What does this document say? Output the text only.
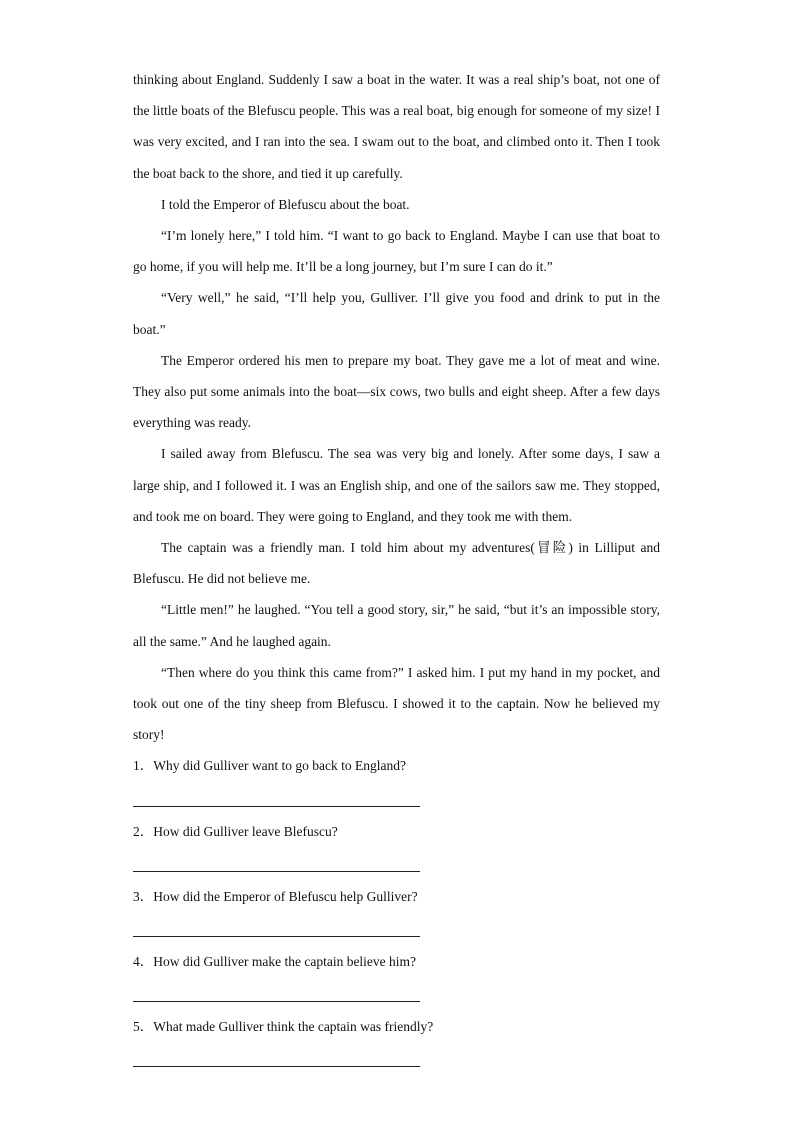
thinking about England. Suddenly I saw a boat in the water. It was a real ship’s boat, not one of the little boats of the Blefuscu people. This was a real boat, big enough for someone of my size! I was very excited, and I ran into the sea. I swam out to the boat, and climbed onto it. Then I took the boat back to the shore, and tied it up carefully.

I told the Emperor of Blefuscu about the boat.

“I’m lonely here,” I told him. “I want to go back to England. Maybe I can use that boat to go home, if you will help me. It’ll be a long journey, but I’m sure I can do it.”

“Very well,” he said, “I’ll help you, Gulliver. I’ll give you food and drink to put in the boat.”

The Emperor ordered his men to prepare my boat. They gave me a lot of meat and wine. They also put some animals into the boat—six cows, two bulls and eight sheep. After a few days everything was ready.

I sailed away from Blefuscu. The sea was very big and lonely. After some days, I saw a large ship, and I followed it. I was an English ship, and one of the sailors saw me. They stopped, and took me on board. They were going to England, and they took me with them.

The captain was a friendly man. I told him about my adventures(冒险) in Lilliput and Blefuscu. He did not believe me.

“Little men!” he laughed. “You tell a good story, sir,” he said, “but it’s an impossible story, all the same.” And he laughed again.

“Then where do you think this came from?” I asked him. I put my hand in my pocket, and took out one of the tiny sheep from Blefuscu. I showed it to the captain. Now he believed my story!

1．Why did Gulliver want to go back to England?

2．How did Gulliver leave Blefuscu?

3．How did the Emperor of Blefuscu help Gulliver?

4．How did Gulliver make the captain believe him?

5．What made Gulliver think the captain was friendly?
